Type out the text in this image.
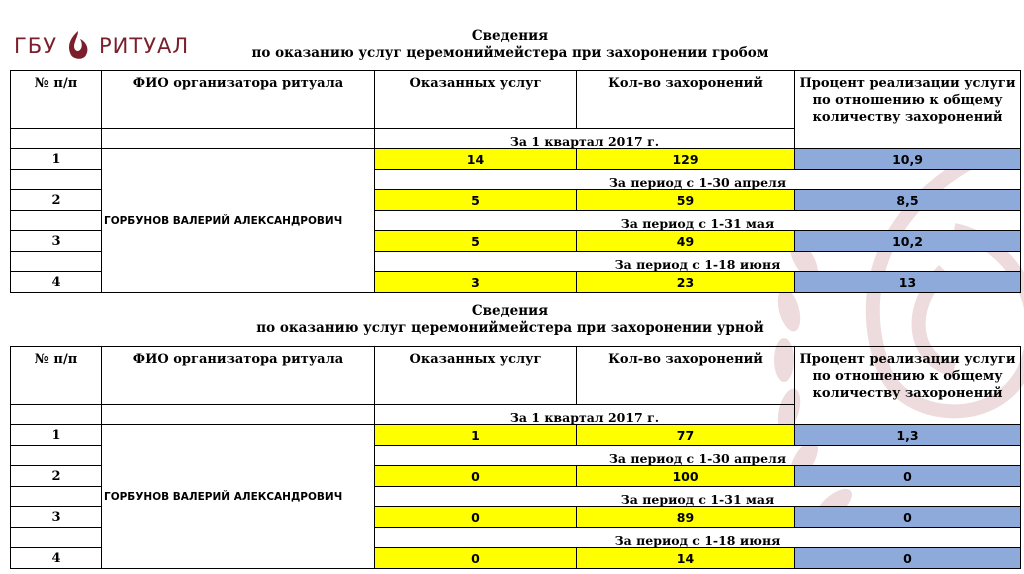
ГБУ РИТУАЛ	Сведения
по оказанию услуг церемониймейстера при захоронении гробом
№ п/п	ФИО организатора ритуала	Оказанных услуг	Кол-во захоронений	Процент реализации услуги по отношению к общему количеству захоронений
		За 1 квартал 2017 г.		
1	ГОРБУНОВ ВАЛЕРИЙ АЛЕКСАНДРОВИЧ	14	129	10,9
		За период с 1-30 апреля		
2		5	59	8,5
		За период с 1-31 мая		
3		5	49	10,2
		За период с 1-18 июня		
4		3	23	13
Сведения
по оказанию услуг церемониймейстера при захоронении урной
№ п/п	ФИО организатора ритуала	Оказанных услуг	Кол-во захоронений	Процент реализации услуги по отношению к общему количеству захоронений
		За 1 квартал 2017 г.		
1	ГОРБУНОВ ВАЛЕРИЙ АЛЕКСАНДРОВИЧ	1	77	1,3
		За период с 1-30 апреля		
2		0	100	0
		За период с 1-31 мая		
3		0	89	0
		За период с 1-18 июня		
4		0	14	0
